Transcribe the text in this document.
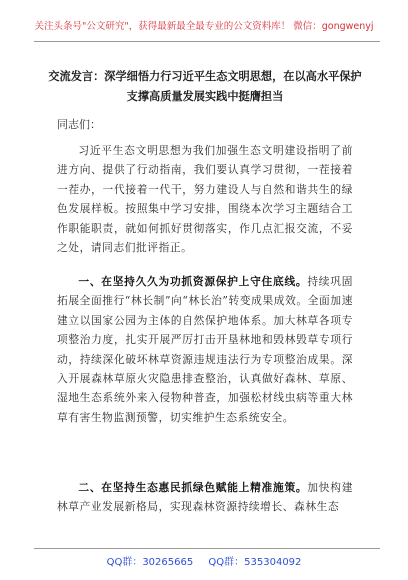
关注头条号"公文研究"，获得最新最全最专业的公文资料库！ 微信：gongwenyj
交流发言：深学细悟力行习近平生态文明思想，在以高水平保护支撑高质量发展实践中挺膺担当
同志们：
习近平生态文明思想为我们加强生态文明建设指明了前进方向、提供了行动指南，我们要认真学习贯彻，一茬接着一茬办，一代接着一代干，努力建设人与自然和谐共生的绿色发展样板。按照集中学习安排，围绕本次学习主题结合工作职能职责，就如何抓好贯彻落实，作几点汇报交流，不妥之处，请同志们批评指正。
一、在坚持久久为功抓资源保护上守住底线。持续巩固拓展全面推行“林长制”向“林长治”转变成果成效。全面加速建立以国家公园为主体的自然保护地体系。加大林草各项专项整治力度，扎实开展严厉打击开垦林地和毁林毁草专项行动，持续深化破坏林草资源违规违法行为专项整治成果。深入开展森林草原火灾隐患排查整治，认真做好森林、草原、湿地生态系统外来入侵物种普查，加强松材线虫病等重大林草有害生物监测预警，切实维护生态系统安全。
二、在坚持生态惠民抓绿色赋能上精准施策。加快构建林草产业发展新格局，实现森林资源持续增长、森林生态
QQ群：30265665 QQ群：535304092
